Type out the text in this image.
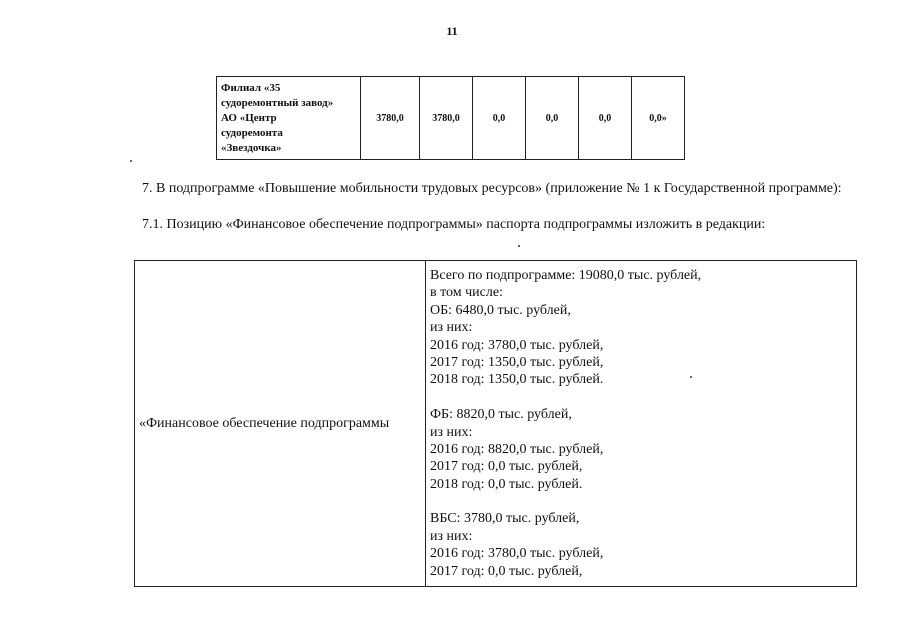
11
Филиал «35
судоремонтный завод»
АО «Центр
судоремонта
«Звездочка»
	3780,0	3780,0	0,0	0,0	0,0	0,0»
7. В подпрограмме «Повышение мобильности трудовых ресурсов» (приложение № 1 к Государственной программе):
7.1. Позицию «Финансовое обеспечение подпрограммы» паспорта подпрограммы изложить в редакции:
«Финансовое обеспечение подпрограммы	
Всего по подпрограмме: 19080,0 тыс. рублей,
в том числе:
ОБ: 6480,0 тыс. рублей,
из них:
2016 год: 3780,0 тыс. рублей,
2017 год: 1350,0 тыс. рублей,
2018 год: 1350,0 тыс. рублей.
ФБ: 8820,0 тыс. рублей,
из них:
2016 год: 8820,0 тыс. рублей,
2017 год: 0,0 тыс. рублей,
2018 год: 0,0 тыс. рублей.
ВБС: 3780,0 тыс. рублей,
из них:
2016 год: 3780,0 тыс. рублей,
2017 год: 0,0 тыс. рублей,
